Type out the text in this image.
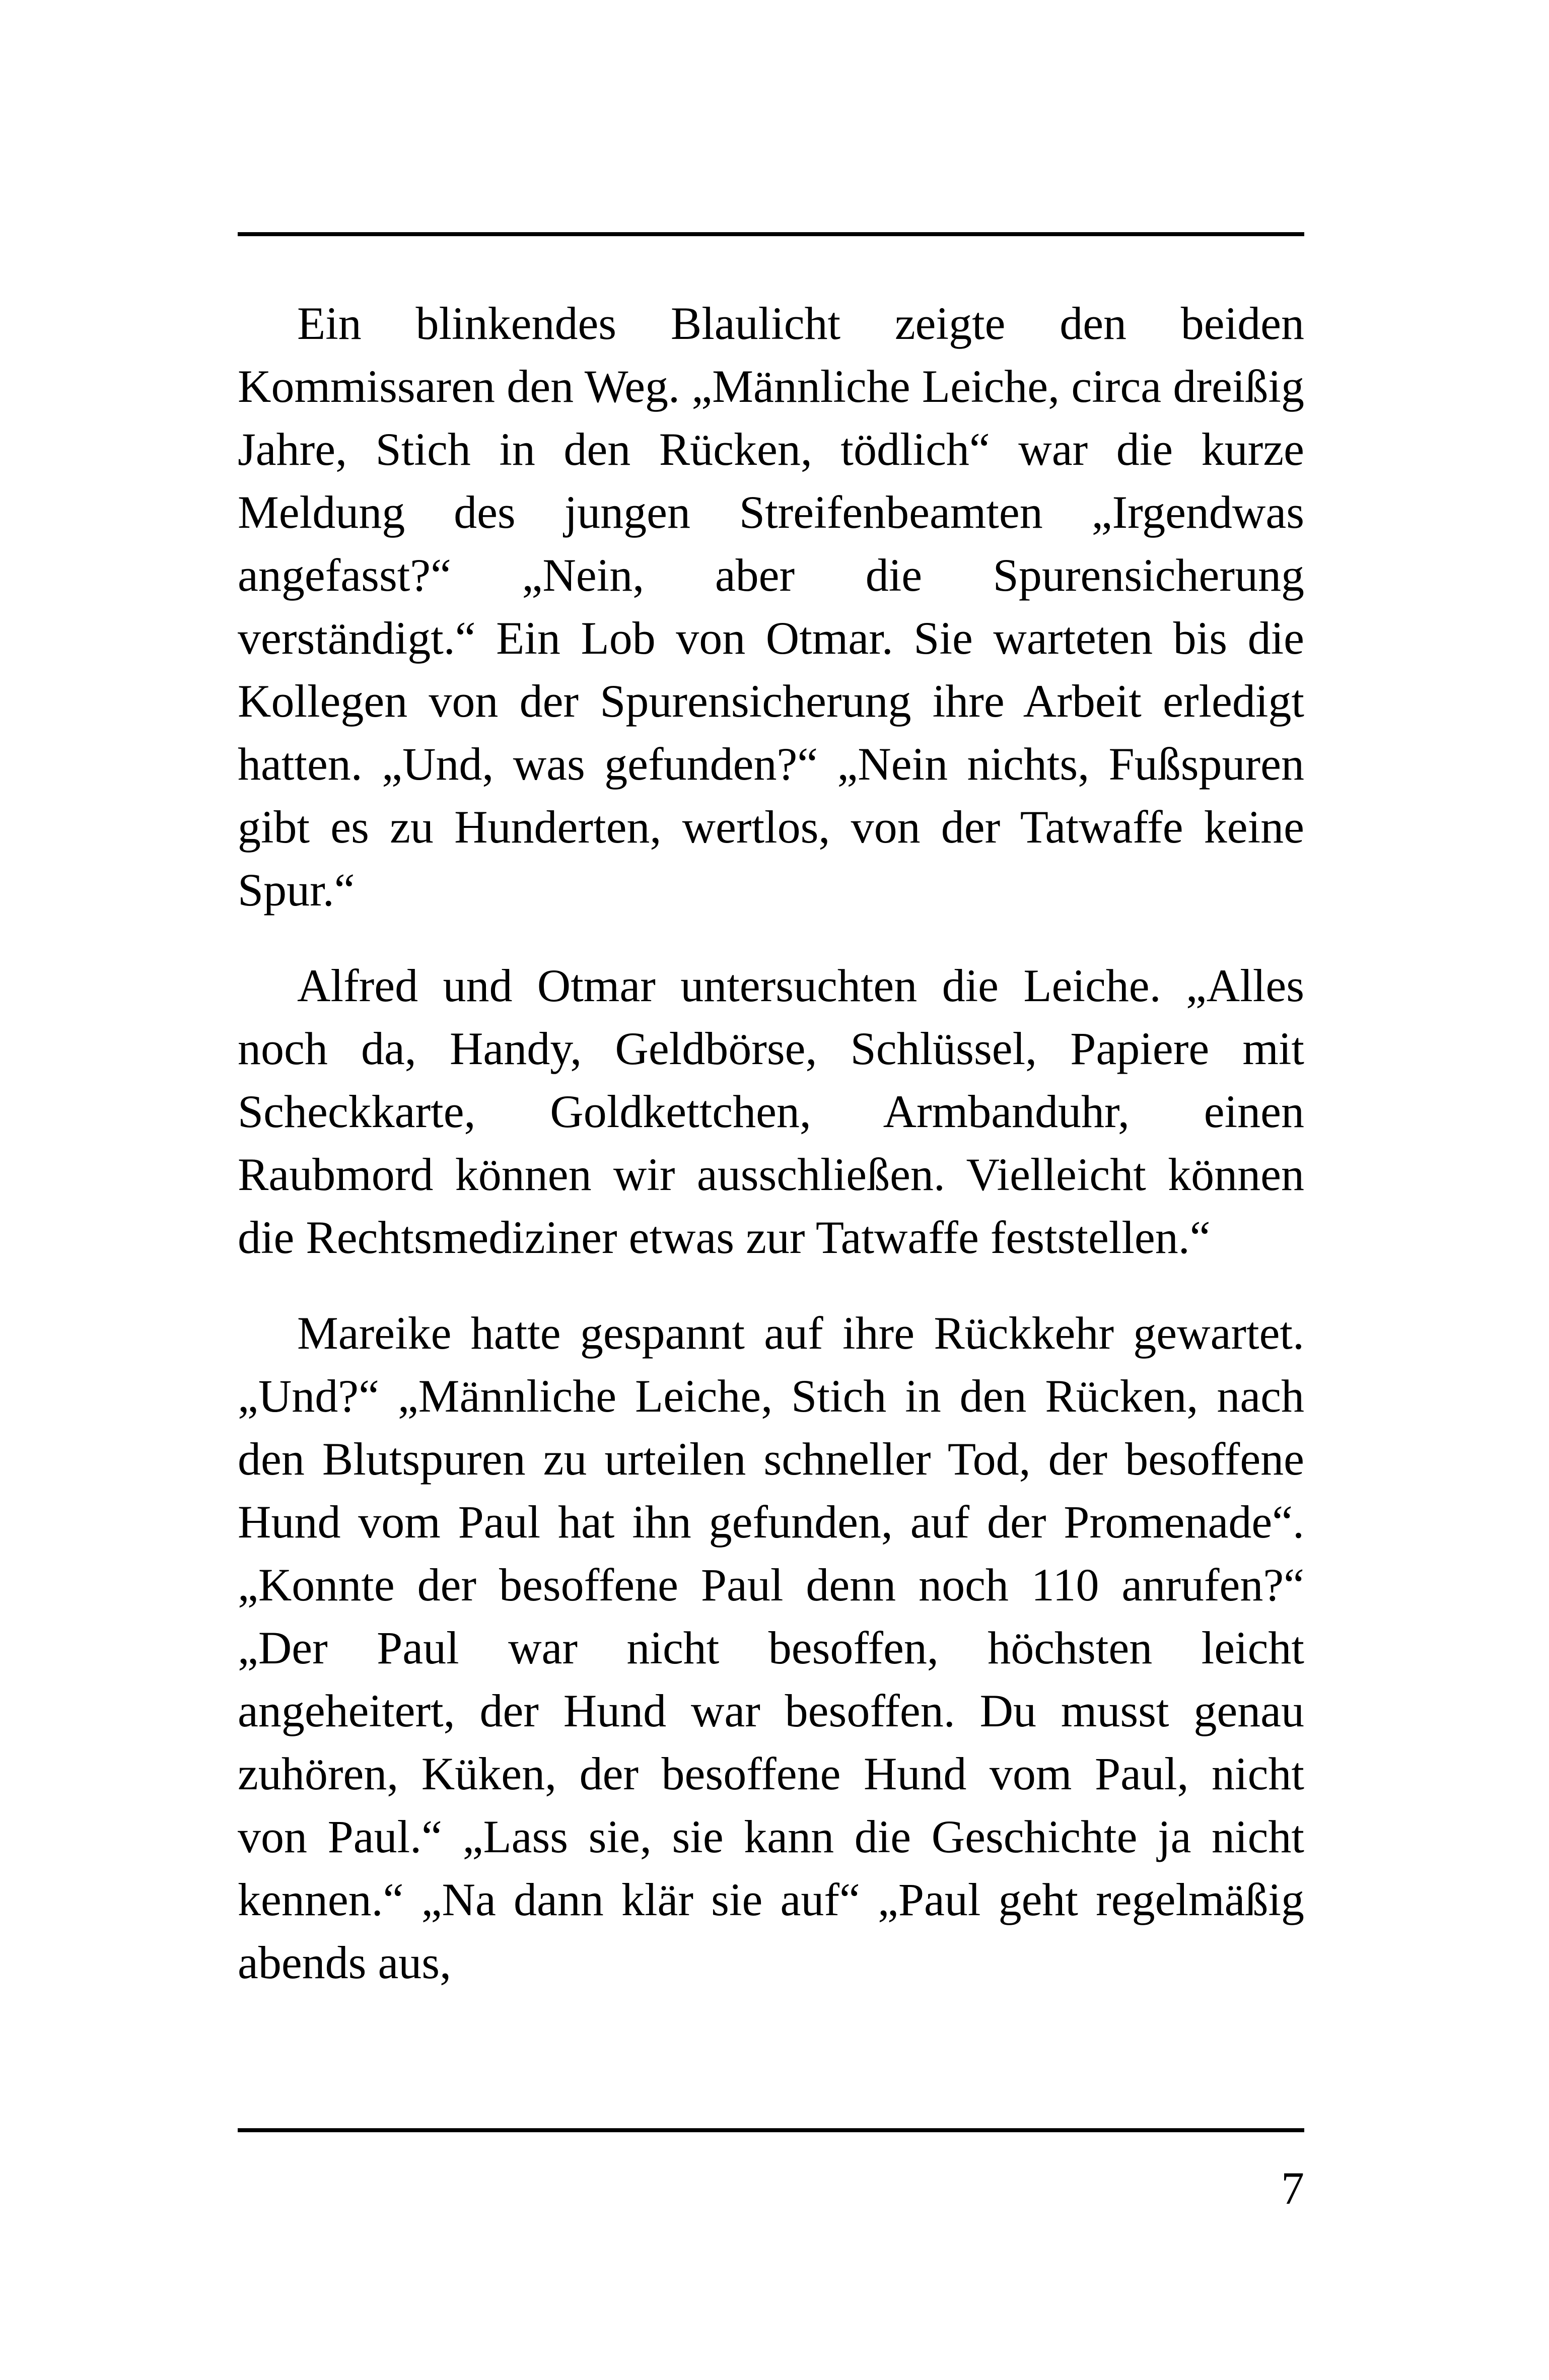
Ein blinkendes Blaulicht zeigte den beiden Kommissaren den Weg. „Männliche Leiche, circa dreißig Jahre, Stich in den Rücken, tödlich“ war die kurze Meldung des jungen Streifenbeamten „Irgendwas angefasst?“ „Nein, aber die Spurensicherung verständigt.“ Ein Lob von Otmar. Sie warteten bis die Kollegen von der Spurensicherung ihre Arbeit erledigt hatten. „Und, was gefunden?“ „Nein nichts, Fußspuren gibt es zu Hunderten, wertlos, von der Tatwaffe keine Spur.“

Alfred und Otmar untersuchten die Leiche. „Alles noch da, Handy, Geldbörse, Schlüssel, Papiere mit Scheckkarte, Goldkettchen, Armbanduhr, einen Raubmord können wir ausschließen. Vielleicht können die Rechtsmediziner etwas zur Tatwaffe feststellen.“

Mareike hatte gespannt auf ihre Rückkehr gewartet. „Und?“ „Männliche Leiche, Stich in den Rücken, nach den Blutspuren zu urteilen schneller Tod, der besoffene Hund vom Paul hat ihn gefunden, auf der Promenade“. „Konnte der besoffene Paul denn noch 110 anrufen?“ „Der Paul war nicht besoffen, höchsten leicht angeheitert, der Hund war besoffen. Du musst genau zuhören, Küken, der besoffene Hund vom Paul, nicht von Paul.“ „Lass sie, sie kann die Geschichte ja nicht kennen.“ „Na dann klär sie auf“ „Paul geht regelmäßig abends aus,

7
